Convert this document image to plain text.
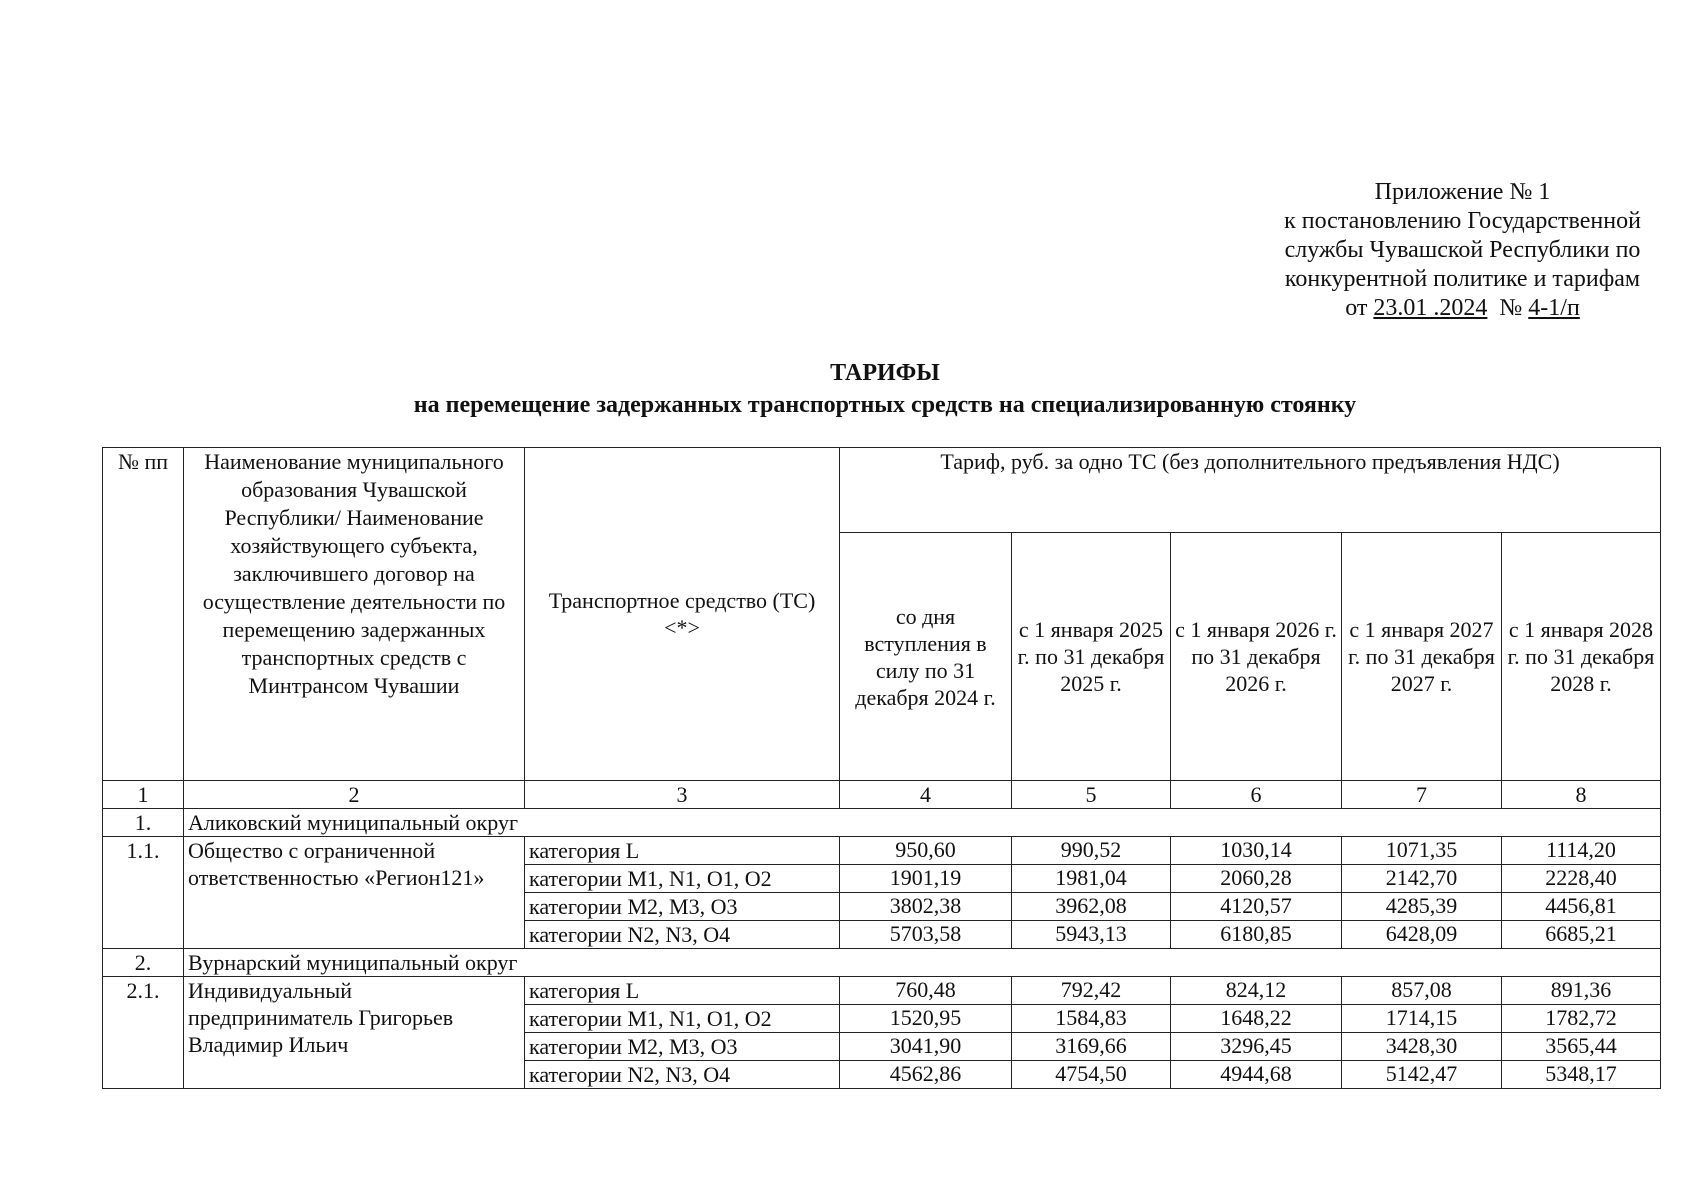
Приложение № 1
к постановлению Государственной
службы Чувашской Республики по
конкурентной политике и тарифам
от 23.01 .2024 № 4-1/п
ТАРИФЫ
на перемещение задержанных транспортных средств на специализированную стоянку
№ пп	Наименование муниципального образования Чувашской Республики/ Наименование хозяйствующего субъекта, заключившего договор на осуществление деятельности по перемещению задержанных транспортных средств с Минтрансом Чувашии	Транспортное средство (ТС) <*>	Тариф, руб. за одно ТС (без дополнительного предъявления НДС)				
			со дня вступления в силу по 31 декабря 2024 г.	с 1 января 2025 г. по 31 декабря 2025 г.	с 1 января 2026 г. по 31 декабря 2026 г.	с 1 января 2027 г. по 31 декабря 2027 г.	с 1 января 2028 г. по 31 декабря 2028 г.
1	2	3	4	5	6	7	8
1.	Аликовский муниципальный округ						
1.1.	Общество с ограниченной ответственностью «Регион121»	категория L	950,60	990,52	1030,14	1071,35	1114,20
		категории M1, N1, O1, O2	1901,19	1981,04	2060,28	2142,70	2228,40
		категории M2, M3, O3	3802,38	3962,08	4120,57	4285,39	4456,81
		категории N2, N3, O4	5703,58	5943,13	6180,85	6428,09	6685,21
2.	Вурнарский муниципальный округ						
2.1.	Индивидуальный предприниматель Григорьев Владимир Ильич	категория L	760,48	792,42	824,12	857,08	891,36
		категории M1, N1, O1, O2	1520,95	1584,83	1648,22	1714,15	1782,72
		категории M2, M3, O3	3041,90	3169,66	3296,45	3428,30	3565,44
		категории N2, N3, O4	4562,86	4754,50	4944,68	5142,47	5348,17
